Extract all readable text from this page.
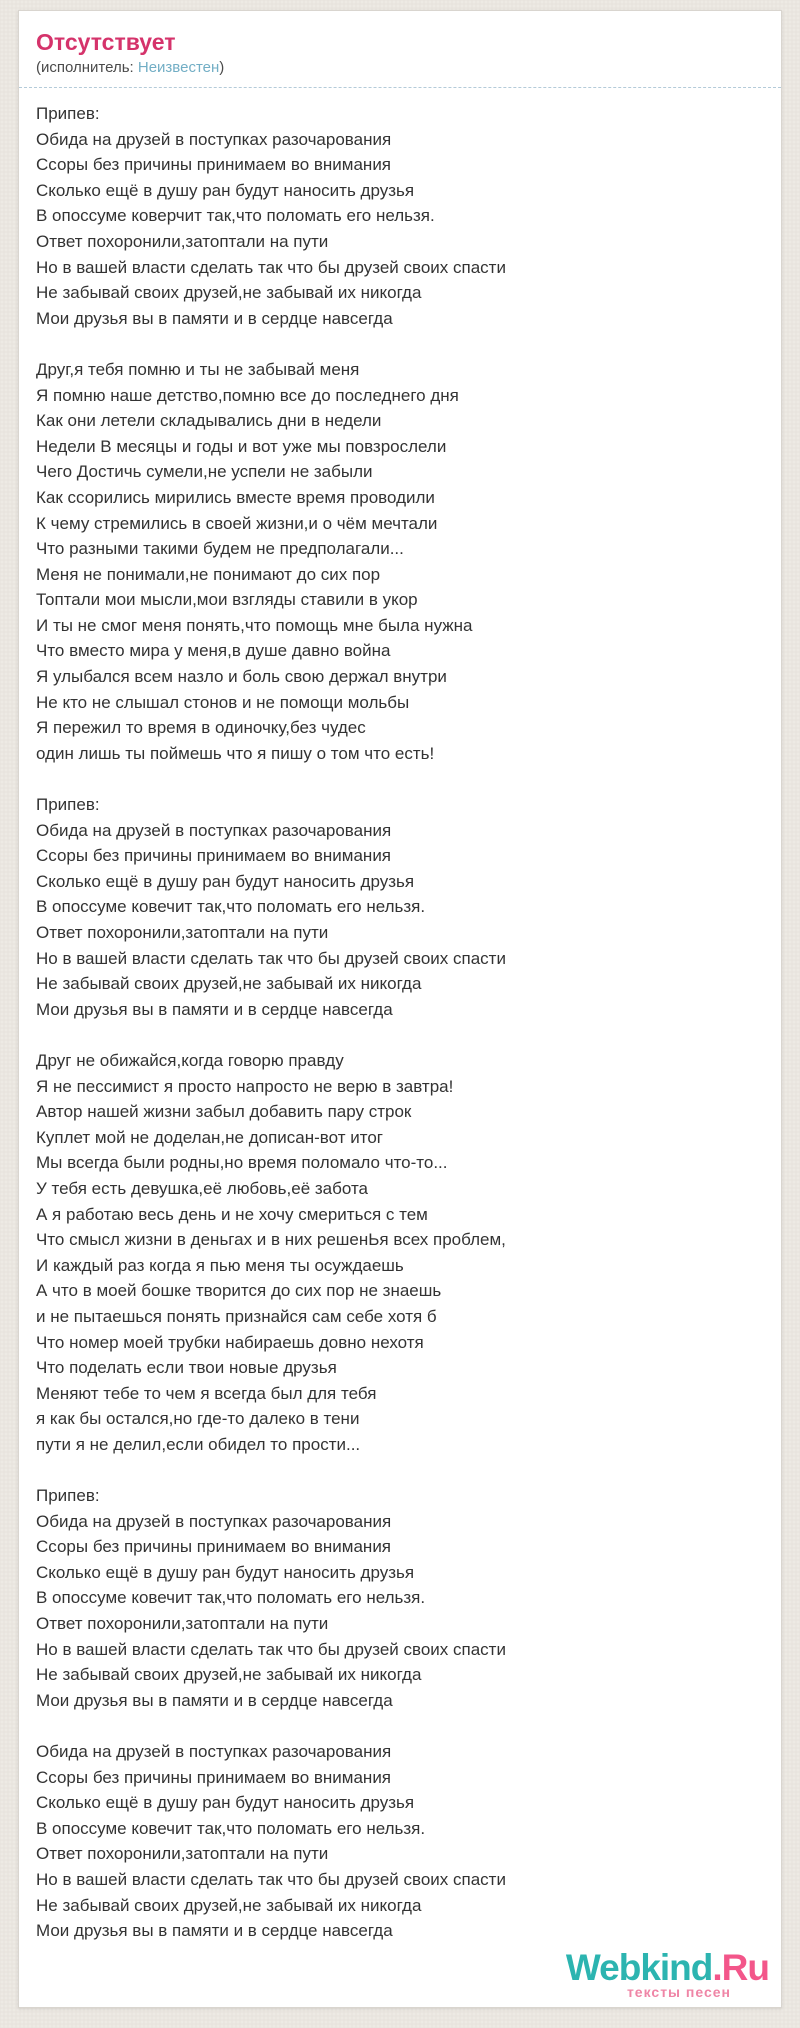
Отсутствует
(исполнитель: Неизвестен)

Припев:
Обида на друзей в поступках разочарования
Ссоры без причины принимаем во внимания
Сколько ещё в душу ран будут наносить друзья
В опоссуме коверчит так,что поломать его нельзя.
Ответ похоронили,затоптали на пути
Но в вашей власти сделать так что бы друзей своих спасти
Не забывай своих друзей,не забывай их никогда
Мои друзья вы в памяти и в сердце навсегда

Друг,я тебя помню и ты не забывай меня
Я помню наше детство,помню все до последнего дня
Как они летели складывались дни в недели
Недели В месяцы и годы и вот уже мы повзрослели
Чего Достичь сумели,не успели не забыли
Как ссорились мирились вместе время проводили
К чему стремились в своей жизни,и о чём мечтали
Что разными такими будем не предполагали...
Меня не понимали,не понимают до сих пор
Топтали мои мысли,мои взгляды ставили в укор
И ты не смог меня понять,что помощь мне была нужна
Что вместо мира у меня,в душе давно война
Я улыбался всем назло и боль свою держал внутри
Не кто не слышал стонов и не помощи мольбы
Я пережил то время в одиночку,без чудес
один лишь ты поймешь что я пишу о том что есть!

Припев:
Обида на друзей в поступках разочарования
Ссоры без причины принимаем во внимания
Сколько ещё в душу ран будут наносить друзья
В опоссуме ковечит так,что поломать его нельзя.
Ответ похоронили,затоптали на пути
Но в вашей власти сделать так что бы друзей своих спасти
Не забывай своих друзей,не забывай их никогда
Мои друзья вы в памяти и в сердце навсегда

Друг не обижайся,когда говорю правду
Я не пессимист я просто напросто не верю в завтра!
Автор нашей жизни забыл добавить пару строк
Куплет мой не доделан,не дописан-вот итог
Мы всегда были родны,но время поломало что-то...
У тебя есть девушка,её любовь,её забота
А я работаю весь день и не хочу смериться с тем
Что смысл жизни в деньгах и в них решенЬя всех проблем,
И каждый раз когда я пью меня ты осуждаешь
А что в моей бошке творится до сих пор не знаешь
и не пытаешься понять признайся сам себе хотя б
Что номер моей трубки набираешь довно нехотя
Что поделать если твои новые друзья
Меняют тебе то чем я всегда был для тебя
я как бы остался,но где-то далеко в тени
пути я не делил,если обидел то прости...

Припев:
Обида на друзей в поступках разочарования
Ссоры без причины принимаем во внимания
Сколько ещё в душу ран будут наносить друзья
В опоссуме ковечит так,что поломать его нельзя.
Ответ похоронили,затоптали на пути
Но в вашей власти сделать так что бы друзей своих спасти
Не забывай своих друзей,не забывай их никогда
Мои друзья вы в памяти и в сердце навсегда

Обида на друзей в поступках разочарования
Ссоры без причины принимаем во внимания
Сколько ещё в душу ран будут наносить друзья
В опоссуме ковечит так,что поломать его нельзя.
Ответ похоронили,затоптали на пути
Но в вашей власти сделать так что бы друзей своих спасти
Не забывай своих друзей,не забывай их никогда
Мои друзья вы в памяти и в сердце навсегда

Webkind.Ru
тексты песен
